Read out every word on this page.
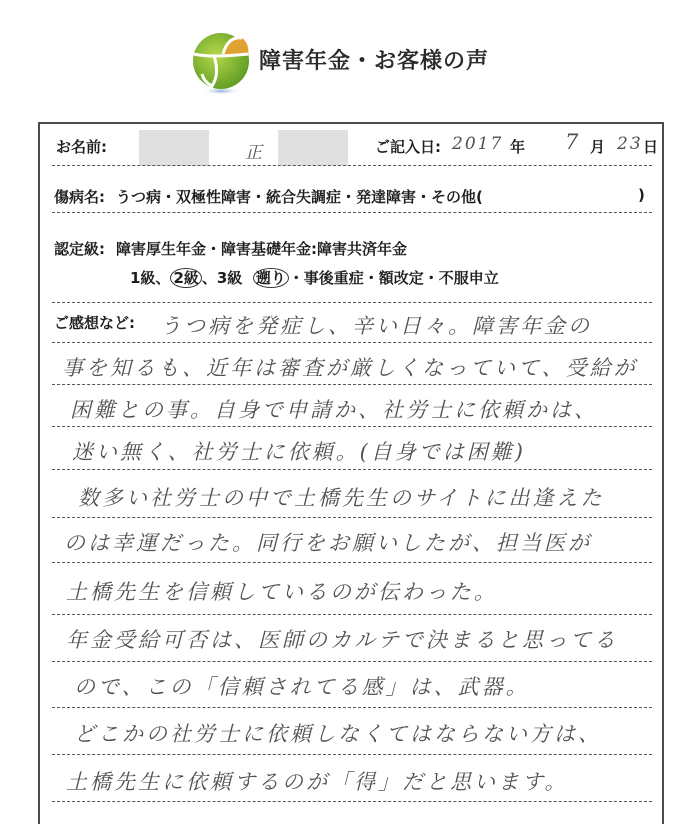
障害年金・お客様の声
お名前:	正	ご記入日: 2017 年 7 月 23 日
傷病名: うつ病・双極性障害・統合失調症・発達障害・その他(	)
認定級: 障害厚生年金・障害基礎年金:障害共済年金
1級、 2級 、3級 遡り ・事後重症・額改定・不服申立
ご感想など: うつ病を発症し、辛い日々。障害年金の
事を知るも、近年は審査が厳しくなっていて、受給が
困難との事。自身で申請か、社労士に依頼かは、
迷い無く、社労士に依頼。(自身では困難)
数多い社労士の中で土橋先生のサイトに出逢えた
のは幸運だった。同行をお願いしたが、担当医が
土橋先生を信頼しているのが伝わった。
年金受給可否は、医師のカルテで決まると思ってる
ので、この「信頼されてる感」は、武器。
どこかの社労士に依頼しなくてはならない方は、
土橋先生に依頼するのが「得」だと思います。
